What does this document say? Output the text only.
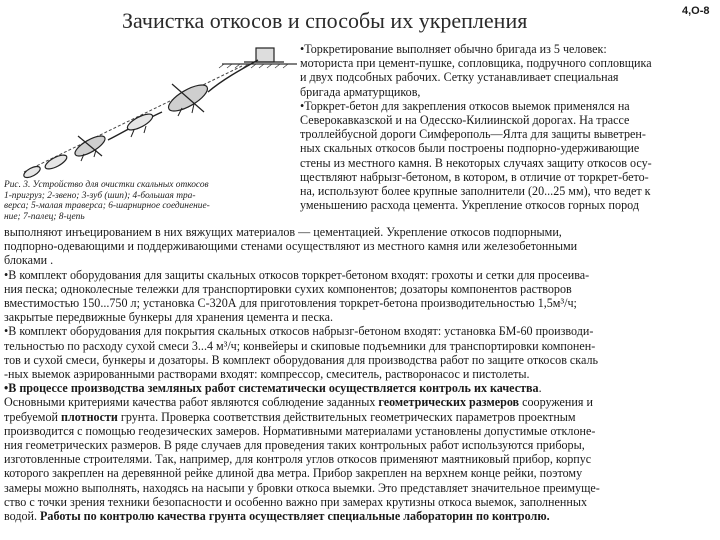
Зачистка откосов и способы их укрепления	4,О-8
Рис. 3. Устройство для очистки скальных откосов
1-пригруз; 2-звено; 3-зуб (шип); 4-большая тра-
верса; 5-малая траверса; 6-шарнирное соединение-
ние; 7-палец; 8-цепь
•Торкретирование выполняет обычно бригада из 5 человек:
моториста при цемент-пушке, сопловщика, подручного сопловщика
и двух подсобных рабочих. Сетку устанавливает специальная
бригада арматурщиков,
•Торкрет-бетон для закрепления откосов выемок применялся на
Северокавказской и на Одесско-Килиинской дорогах. На трассе
троллейбусной дороги Симферополь—Ялта для защиты выветрен-
ных скальных откосов были построены подпорно-удерживающие
стены из местного камня. В некоторых случаях защиту откосов осу-
ществляют набрызг-бетоном, в котором, в отличие от торкрет-бето-
на, используют более крупные заполнители (20...25 мм), что ведет к
уменьшению расхода цемента. Укрепление откосов горных пород
выполняют инъецированием в них вяжущих материалов — цементацией. Укрепление откосов подпорными,
подпорно-одевающими и поддерживающими стенами осуществляют из местного камня или железобетонными
блоками .
•В комплект оборудования для защиты скальных откосов торкрет-бетоном входят: грохоты и сетки для просеива-
ния песка; одноколесные тележки для транспортировки сухих компонентов; дозаторы компонентов растворов
вместимостью 150...750 л; установка С-320А для приготовления торкрет-бетона производительностью 1,5м³/ч;
закрытые передвижные бункеры для хранения цемента и песка.
•В комплект оборудования для покрытия скальных откосов набрызг-бетоном входят: установка БМ-60 производи-
тельностью по расходу сухой смеси 3...4 м³/ч; конвейеры и скиповые подъемники для транспортировки компонен-
тов и сухой смеси, бункеры и дозаторы. В комплект оборудования для производства работ по защите откосов скаль
-ных выемок аэрированными растворами входят: компрессор, смеситель, растворонасос и пистолеты.
•В процессе производства земляных работ систематически осуществляется контроль их качества.
Основными критериями качества работ являются соблюдение заданных геометрических размеров сооружения и
требуемой плотности грунта. Проверка соответствия действительных геометрических параметров проектным
производится с помощью геодезических замеров. Нормативными материалами установлены допустимые отклоне-
ния геометрических размеров. В ряде случаев для проведения таких контрольных работ используются приборы,
изготовленные строителями. Так, например, для контроля углов откосов применяют маятниковый прибор, корпус
которого закреплен на деревянной рейке длиной два метра. Прибор закреплен на верхнем конце рейки, поэтому
замеры можно выполнять, находясь на насыпи у бровки откоса выемки. Это представляет значительное преимуще-
ство с точки зрения техники безопасности и особенно важно при замерах крутизны откоса выемок, заполненных
водой. Работы по контролю качества грунта осуществляет специальные лабораторин по контролю.
